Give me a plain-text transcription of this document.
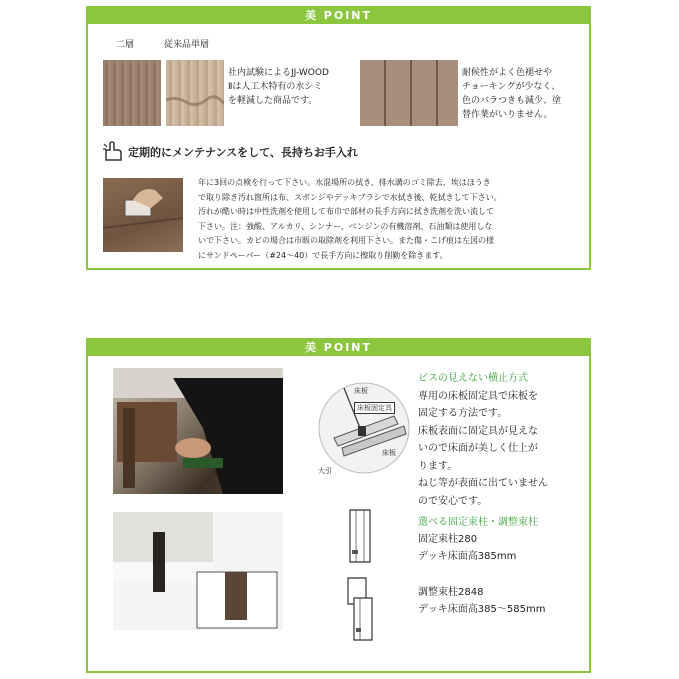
美 POINT
二層	従来品単層
社内試験によるJJ-WOOD
Ⅱは人工木特有の水シミ
を軽減した商品です。
耐候性がよく色褪せや
チョーキングが少なく、
色のバラつきも減少、塗
替作業がいりません。
定期的にメンテナンスをして、長持ちお手入れ
年に3回の点検を行って下さい。水混場所の拭き、排水溝のゴミ除去、埃はほうき
で取り除き汚れ箇所は布、スポンジやデッキブラシで水拭き後、乾拭きして下さい。
汚れが酷い時は中性洗剤を使用して布巾で部材の長手方向に拭き洗剤を洗い流して
下さい。注：強酸、アルカリ、シンナー、ベンジンの有機溶剤、石油類は使用しな
いで下さい。カビの場合は市販の取除剤を利用下さい。また傷・こげ痕は左図の様
にサンドペーパー（#24〜40）で長手方向に擦取り削勤を除きます。
美 POINT
床板
床板固定具
床板
大引
ビスの見えない横止方式
専用の床板固定具で床板を
固定する方法です。
床板表面に固定具が見えな
いので床面が美しく仕上が
ります。
ねじ等が表面に出ていません
ので安心です。
選べる固定束柱・調整束柱
固定束柱280
デッキ床面高385mm
調整束柱2848
デッキ床面高385〜585mm
